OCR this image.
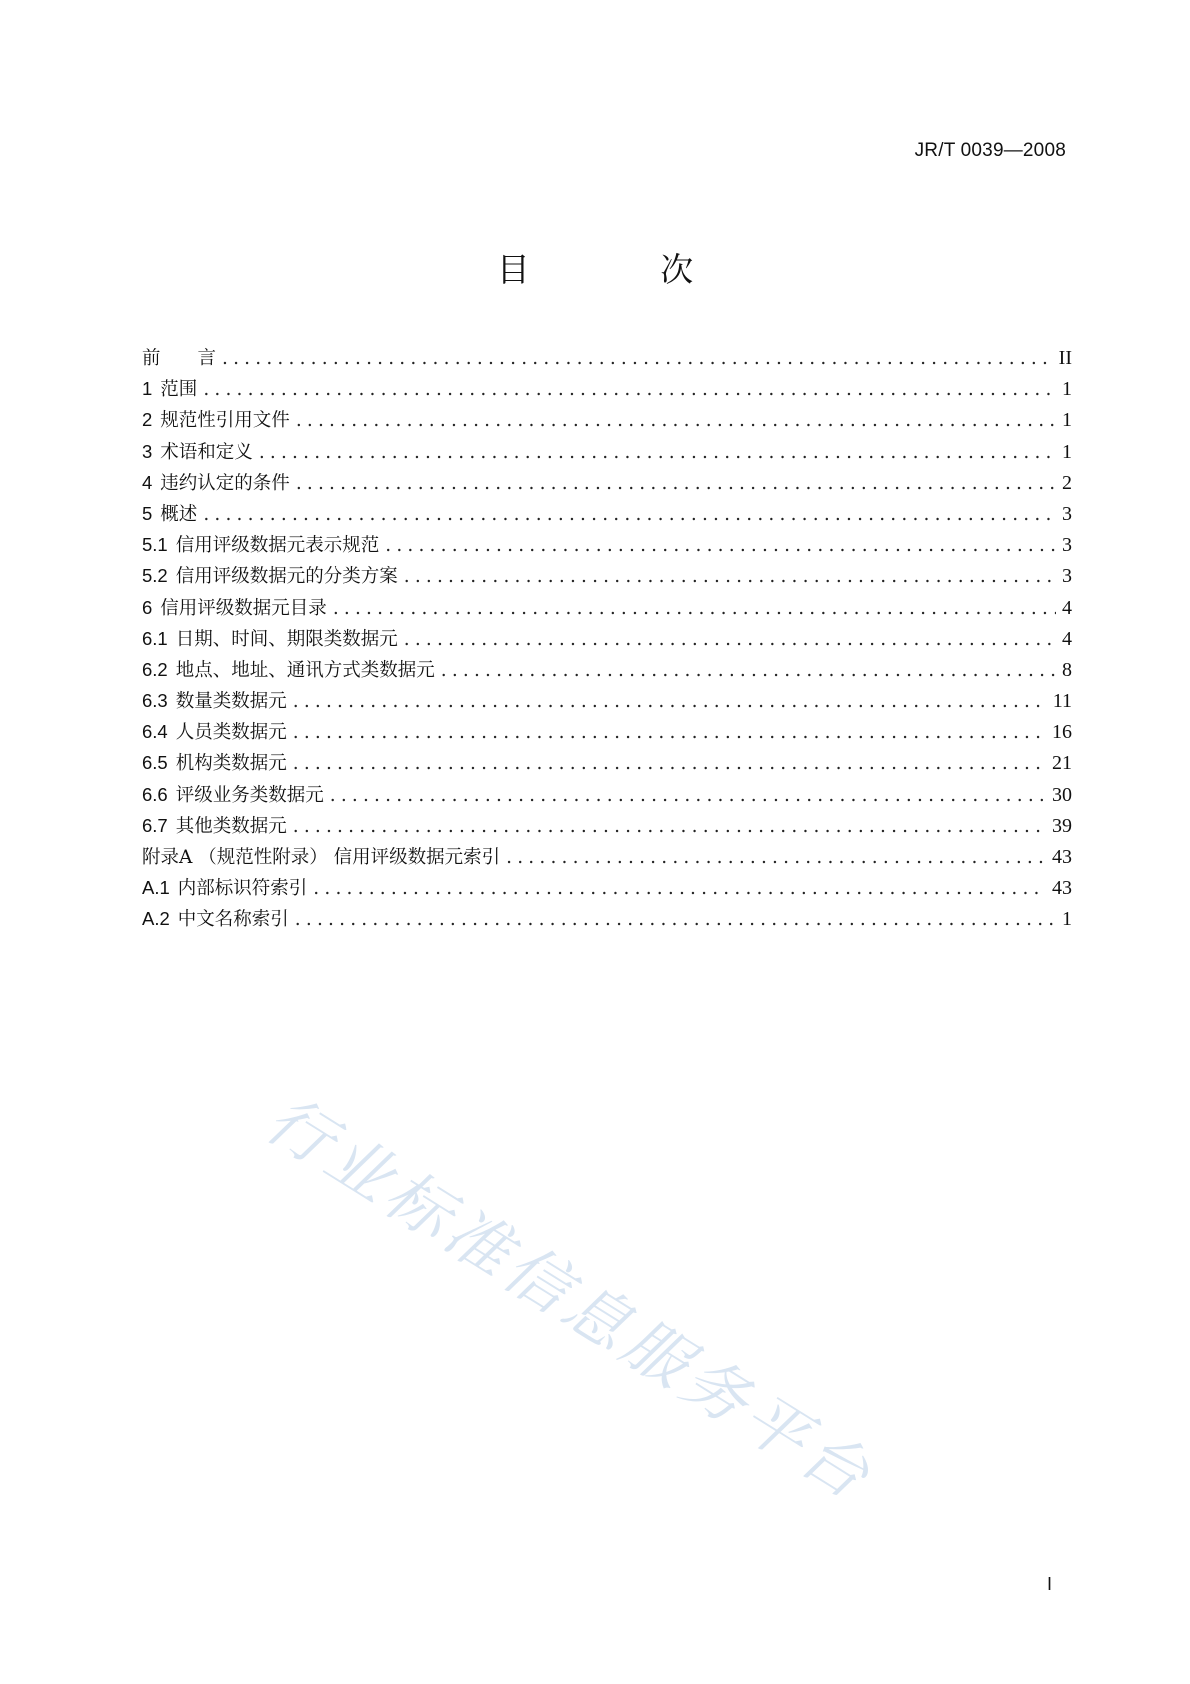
JR/T 0039—2008
目 次
前　　言 .....	II
1 范围 .....	1
2 规范性引用文件 .....	1
3 术语和定义 .....	1
4 违约认定的条件 .....	2
5 概述 .....	3
5.1 信用评级数据元表示规范 .....	3
5.2 信用评级数据元的分类方案 .....	3
6 信用评级数据元目录 .....	4
6.1 日期、时间、期限类数据元 .....	4
6.2 地点、地址、通讯方式类数据元 .....	8
6.3 数量类数据元 .....	11
6.4 人员类数据元 .....	16
6.5 机构类数据元 .....	21
6.6 评级业务类数据元 .....	30
6.7 其他类数据元 .....	39
附录A （规范性附录） 信用评级数据元索引 .....	43
A.1 内部标识符索引 .....	43
A.2 中文名称索引 .....	1
行业标准信息服务平台
I
